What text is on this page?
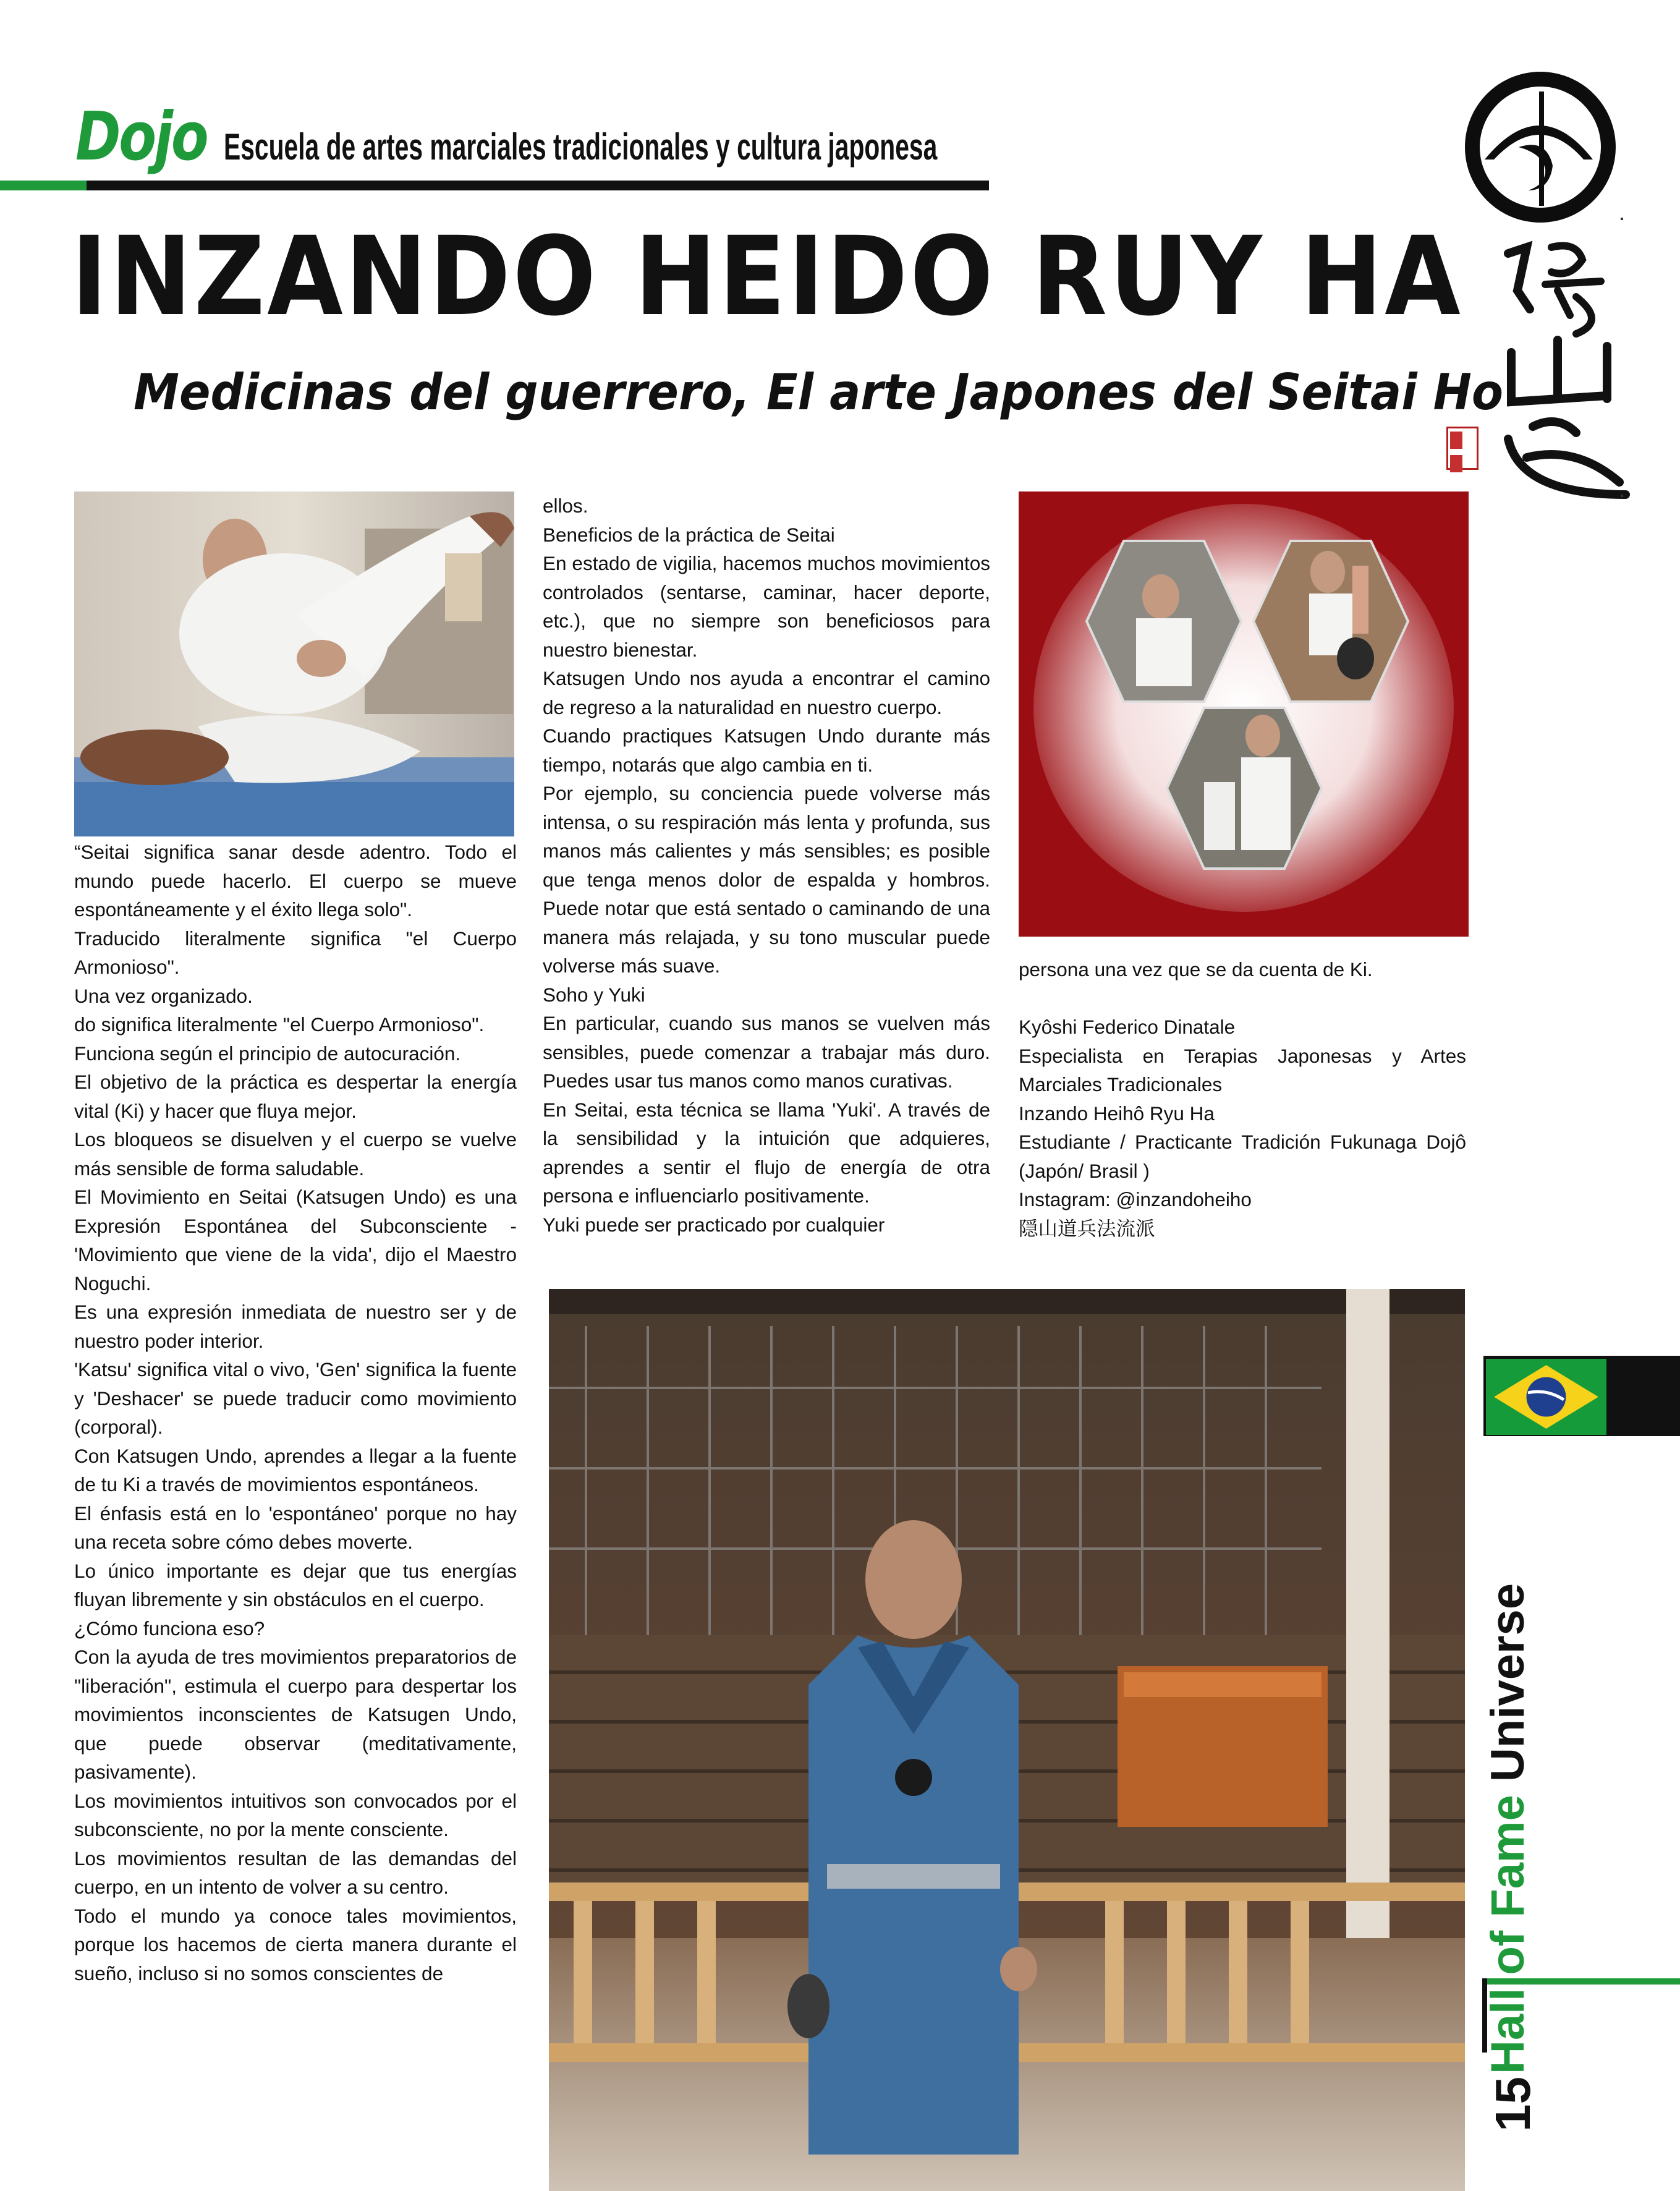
Dojo Escuela de artes marciales tradicionales y cultura japonesa
INZANDO HEIDO RUY HA
Medicinas del guerrero, El arte Japones del Seitai Ho

“Seitai significa sanar desde adentro. Todo el mundo puede hacerlo. El cuerpo se mueve espontáneamente y el éxito llega solo".

Traducido literalmente significa "el Cuerpo Armonioso".

Una vez organizado.

do significa literalmente "el Cuerpo Armonioso".

Funciona según el principio de autocuración.

El objetivo de la práctica es despertar la energía vital (Ki) y hacer que fluya mejor.

Los bloqueos se disuelven y el cuerpo se vuelve más sensible de forma saludable.

El Movimiento en Seitai (Katsugen Undo) es una Expresión Espontánea del Subconsciente - 'Movimiento que viene de la vida', dijo el Maestro Noguchi.

Es una expresión inmediata de nuestro ser y de nuestro poder interior.

'Katsu' significa vital o vivo, 'Gen' significa la fuente y 'Deshacer' se puede traducir como movimiento (corporal).

Con Katsugen Undo, aprendes a llegar a la fuente de tu Ki a través de movimientos espontáneos.

El énfasis está en lo 'espontáneo' porque no hay una receta sobre cómo debes moverte.

Lo único importante es dejar que tus energías fluyan libremente y sin obstáculos en el cuerpo.

¿Cómo funciona eso?

Con la ayuda de tres movimientos preparatorios de "liberación", estimula el cuerpo para despertar los movimientos inconscientes de Katsugen Undo, que puede observar (meditativamente, pasivamente).

Los movimientos intuitivos son convocados por el subconsciente, no por la mente consciente.

Los movimientos resultan de las demandas del cuerpo, en un intento de volver a su centro.

Todo el mundo ya conoce tales movimientos, porque los hacemos de cierta manera durante el sueño, incluso si no somos conscientes de

ellos.

Beneficios de la práctica de Seitai

En estado de vigilia, hacemos muchos movimientos controlados (sentarse, caminar, hacer deporte, etc.), que no siempre son beneficiosos para nuestro bienestar.

Katsugen Undo nos ayuda a encontrar el camino de regreso a la naturalidad en nuestro cuerpo.

Cuando practiques Katsugen Undo durante más tiempo, notarás que algo cambia en ti.

Por ejemplo, su conciencia puede volverse más intensa, o su respiración más lenta y profunda, sus manos más calientes y más sensibles; es posible que tenga menos dolor de espalda y hombros. Puede notar que está sentado o caminando de una manera más relajada, y su tono muscular puede volverse más suave.

Soho y Yuki

En particular, cuando sus manos se vuelven más sensibles, puede comenzar a trabajar más duro. Puedes usar tus manos como manos curativas.

En Seitai, esta técnica se llama 'Yuki'. A través de la sensibilidad y la intuición que adquieres, aprendes a sentir el flujo de energía de otra persona e influenciarlo positivamente.

Yuki puede ser practicado por cualquier

persona una vez que se da cuenta de Ki.

Kyôshi Federico Dinatale

Especialista en Terapias Japonesas y Artes Marciales Tradicionales

Inzando Heihô Ryu Ha

Estudiante / Practicante Tradición Fukunaga Dojô (Japón/ Brasil )

Instagram: @inzandoheiho

隠山道兵法流派

Hall of Fame Universe
15
